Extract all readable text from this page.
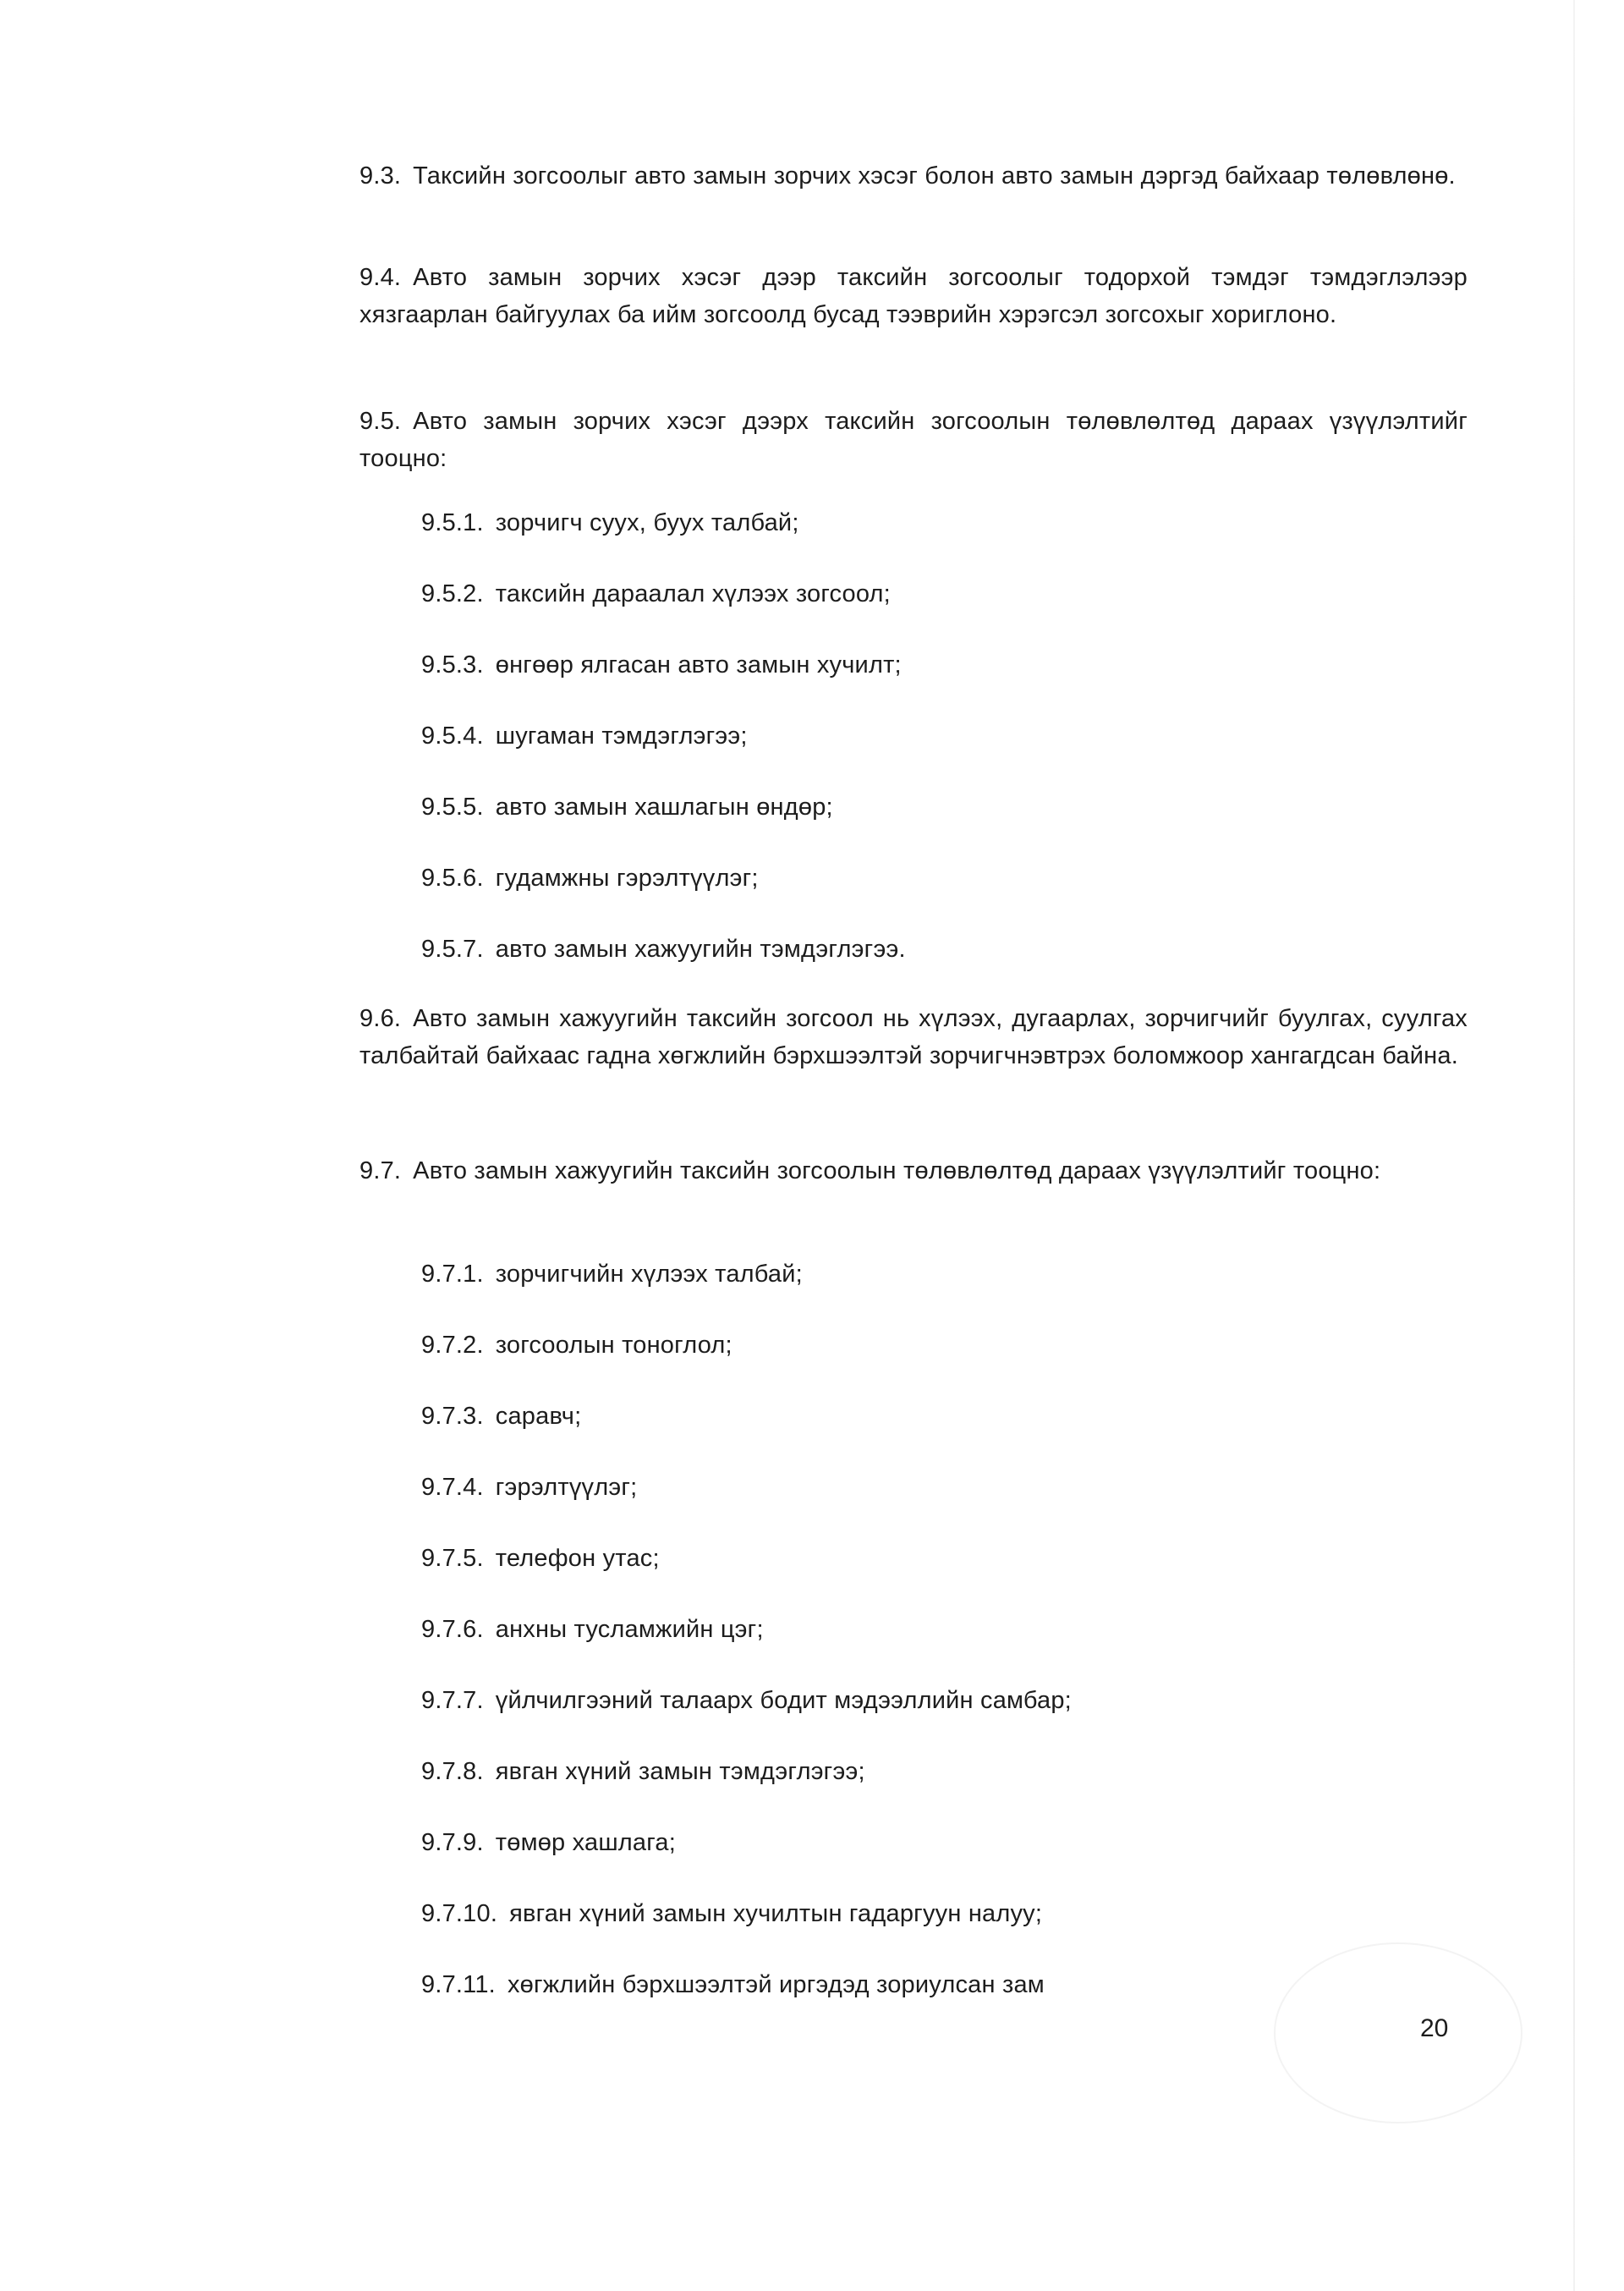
9.3. Таксийн зогсоолыг авто замын зорчих хэсэг болон авто замын дэргэд байхаар төлөвлөнө.
9.4. Авто замын зорчих хэсэг дээр таксийн зогсоолыг тодорхой тэмдэг тэмдэглэлээр хязгаарлан байгуулах ба ийм зогсоолд бусад тээврийн хэрэгсэл зогсохыг хориглоно.
9.5. Авто замын зорчих хэсэг дээрх таксийн зогсоолын төлөвлөлтөд дараах үзүүлэлтийг тооцно:
9.5.1. зорчигч суух, буух талбай;
9.5.2. таксийн дараалал хүлээх зогсоол;
9.5.3. өнгөөр ялгасан авто замын хучилт;
9.5.4. шугаман тэмдэглэгээ;
9.5.5. авто замын хашлагын өндөр;
9.5.6. гудамжны гэрэлтүүлэг;
9.5.7. авто замын хажуугийн тэмдэглэгээ.
9.6. Авто замын хажуугийн таксийн зогсоол нь хүлээх, дугаарлах, зорчигчийг буулгах, суулгах талбайтай байхаас гадна хөгжлийн бэрхшээлтэй зорчигчнэвтрэх боломжоор хангагдсан байна.
9.7. Авто замын хажуугийн таксийн зогсоолын төлөвлөлтөд дараах үзүүлэлтийг тооцно:
9.7.1. зорчигчийн хүлээх талбай;
9.7.2. зогсоолын тоноглол;
9.7.3. саравч;
9.7.4. гэрэлтүүлэг;
9.7.5. телефон утас;
9.7.6. анхны тусламжийн цэг;
9.7.7. үйлчилгээний талаарх бодит мэдээллийн самбар;
9.7.8. явган хүний замын тэмдэглэгээ;
9.7.9. төмөр хашлага;
9.7.10. явган хүний замын хучилтын гадаргуун налуу;
9.7.11. хөгжлийн бэрхшээлтэй иргэдэд зориулсан зам
20
